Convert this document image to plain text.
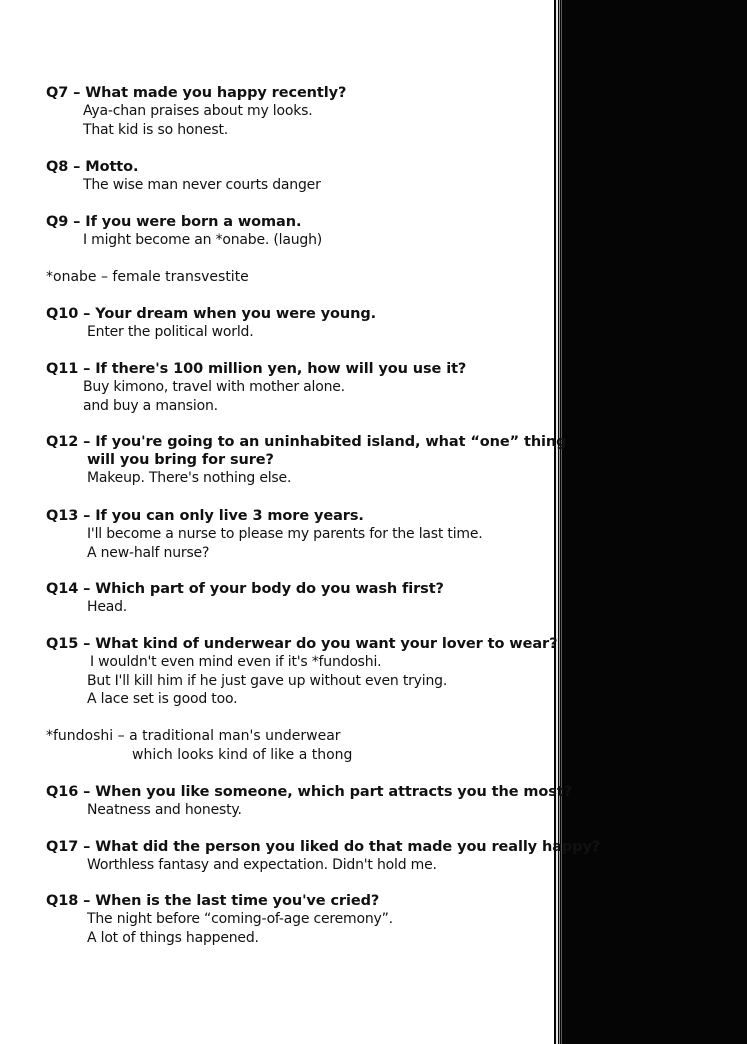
Q7 – What made you happy recently?
Aya-chan praises about my looks.
That kid is so honest.
Q8 – Motto.
The wise man never courts danger
Q9 – If you were born a woman.
I might become an *onabe. (laugh)
*onabe – female transvestite
Q10 – Your dream when you were young.
Enter the political world.
Q11 – If there's 100 million yen, how will you use it?
Buy kimono, travel with mother alone.
and buy a mansion.
Q12 – If you're going to an uninhabited island, what “one” thing
will you bring for sure?
Makeup. There's nothing else.
Q13 – If you can only live 3 more years.
I'll become a nurse to please my parents for the last time.
A new-half nurse?
Q14 – Which part of your body do you wash first?
Head.
Q15 – What kind of underwear do you want your lover to wear?
I wouldn't even mind even if it's *fundoshi.
But I'll kill him if he just gave up without even trying.
A lace set is good too.
*fundoshi – a traditional man's underwear
which looks kind of like a thong
Q16 – When you like someone, which part attracts you the most?
Neatness and honesty.
Q17 – What did the person you liked do that made you really happy?
Worthless fantasy and expectation. Didn't hold me.
Q18 – When is the last time you've cried?
The night before “coming-of-age ceremony”.
A lot of things happened.
